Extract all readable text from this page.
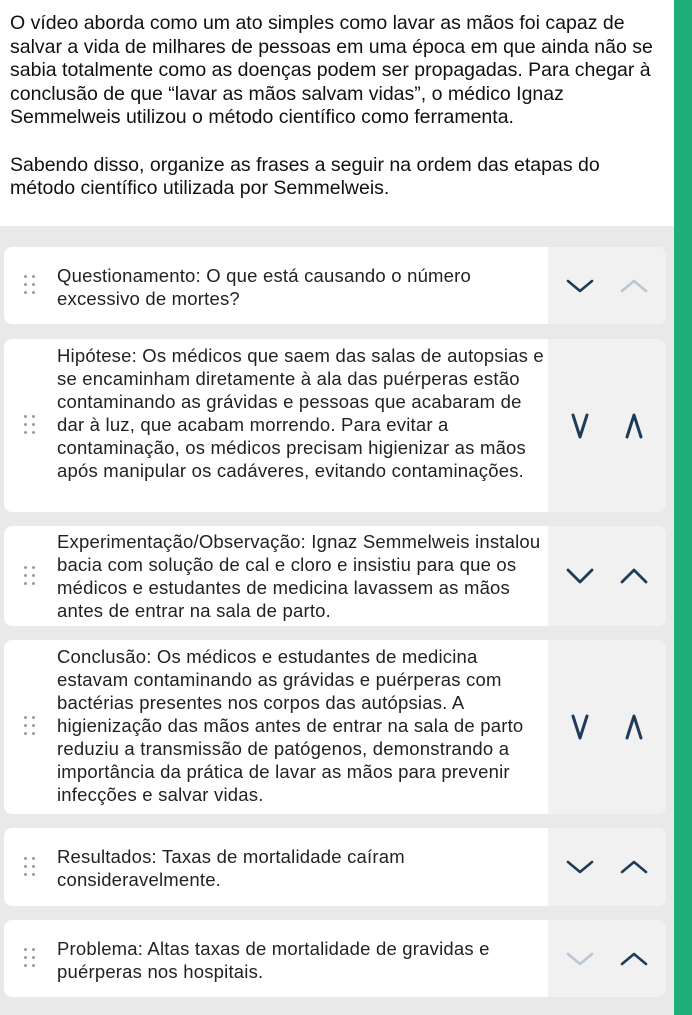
O vídeo aborda como um ato simples como lavar as mãos foi capaz de salvar a vida de milhares de pessoas em uma época em que ainda não se sabia totalmente como as doenças podem ser propagadas. Para chegar à conclusão de que “lavar as mãos salvam vidas”, o médico Ignaz Semmelweis utilizou o método científico como ferramenta.

Sabendo disso, organize as frases a seguir na ordem das etapas do método científico utilizada por Semmelweis.

Questionamento: O que está causando o número excessivo de mortes?
Hipótese: Os médicos que saem das salas de autopsias e se encaminham diretamente à ala das puérperas estão contaminando as grávidas e pessoas que acabaram de dar à luz, que acabam morrendo. Para evitar a contaminação, os médicos precisam higienizar as mãos após manipular os cadáveres, evitando contaminações.
Experimentação/Observação: Ignaz Semmelweis instalou bacia com solução de cal e cloro e insistiu para que os médicos e estudantes de medicina lavassem as mãos antes de entrar na sala de parto.
Conclusão: Os médicos e estudantes de medicina estavam contaminando as grávidas e puérperas com bactérias presentes nos corpos das autópsias. A higienização das mãos antes de entrar na sala de parto reduziu a transmissão de patógenos, demonstrando a importância da prática de lavar as mãos para prevenir infecções e salvar vidas.
Resultados: Taxas de mortalidade caíram consideravelmente.
Problema: Altas taxas de mortalidade de gravidas e puérperas nos hospitais.
